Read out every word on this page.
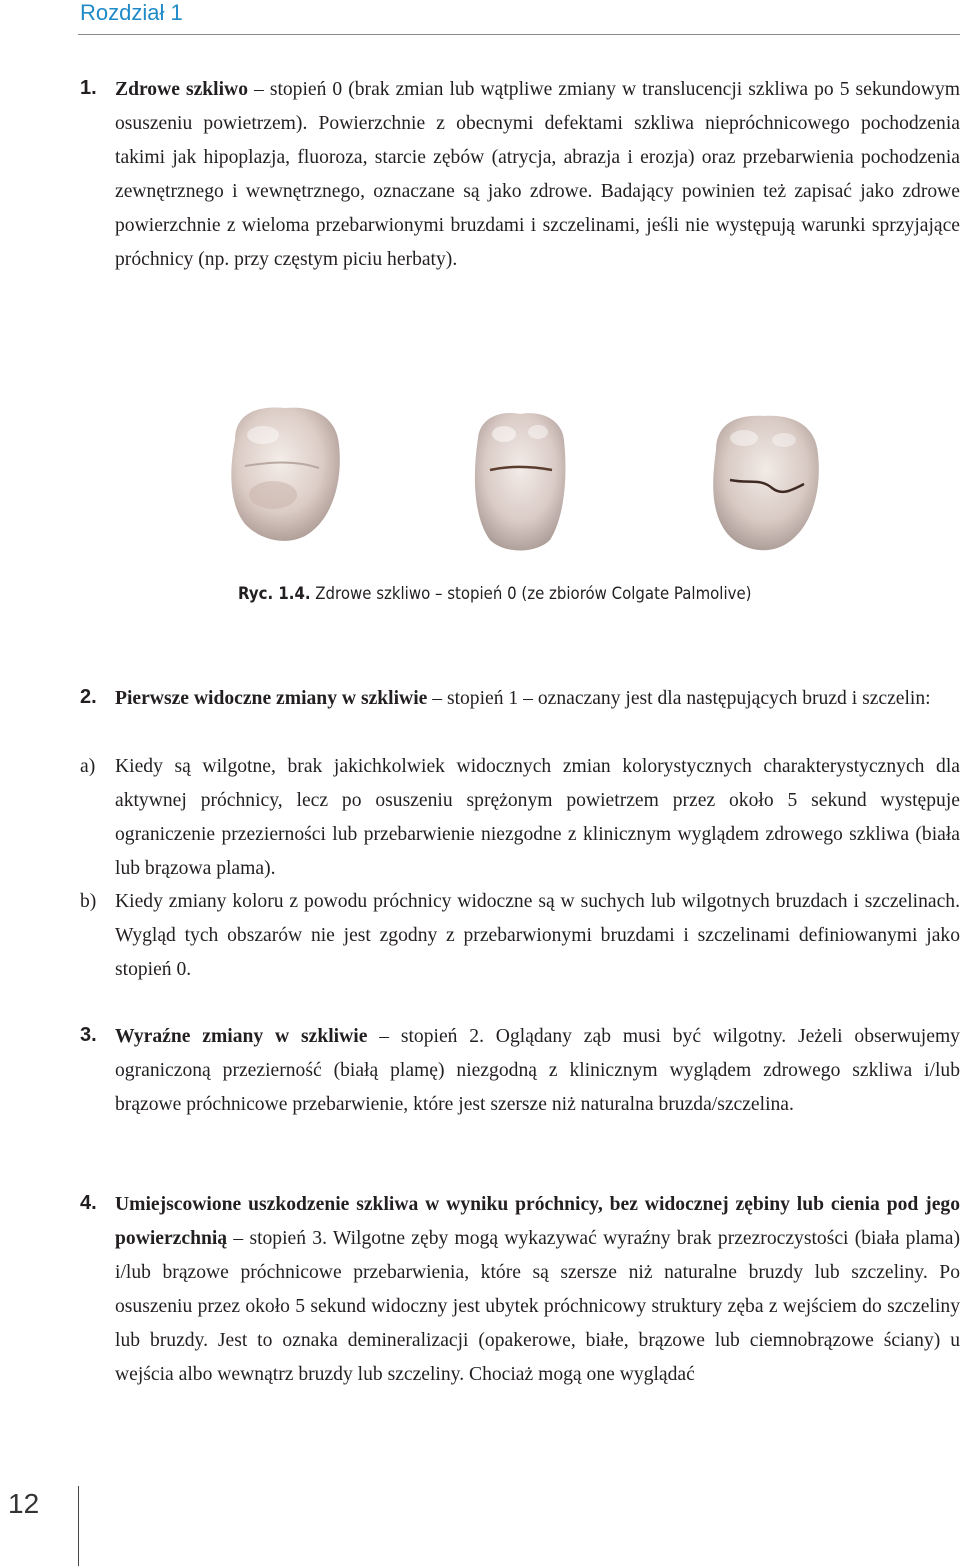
Rozdział 1
1. Zdrowe szkliwo – stopień 0 (brak zmian lub wątpliwe zmiany w translucencji szkliwa po 5 sekundowym osuszeniu powietrzem). Powierzchnie z obecnymi defektami szkliwa niepróchnicowego pochodzenia takimi jak hipoplazja, fluoroza, starcie zębów (atrycja, abrazja i erozja) oraz przebarwienia pochodzenia zewnętrznego i wewnętrznego, oznaczane są jako zdrowe. Badający powinien też zapisać jako zdrowe powierzchnie z wieloma przebarwionymi bruzdami i szczelinami, jeśli nie występują warunki sprzyjające próchnicy (np. przy częstym piciu herbaty).
Ryc. 1.4. Zdrowe szkliwo – stopień 0 (ze zbiorów Colgate Palmolive)
2. Pierwsze widoczne zmiany w szkliwie – stopień 1 – oznaczany jest dla następujących bruzd i szczelin:
a) Kiedy są wilgotne, brak jakichkolwiek widocznych zmian kolorystycznych charakterystycznych dla aktywnej próchnicy, lecz po osuszeniu sprężonym powietrzem przez około 5 sekund występuje ograniczenie przezierności lub przebarwienie niezgodne z klinicznym wyglądem zdrowego szkliwa (biała lub brązowa plama).
b) Kiedy zmiany koloru z powodu próchnicy widoczne są w suchych lub wilgotnych bruzdach i szczelinach. Wygląd tych obszarów nie jest zgodny z przebarwionymi bruzdami i szczelinami definiowanymi jako stopień 0.
3. Wyraźne zmiany w szkliwie – stopień 2. Oglądany ząb musi być wilgotny. Jeżeli obserwujemy ograniczoną przezierność (białą plamę) niezgodną z klinicznym wyglądem zdrowego szkliwa i/lub brązowe próchnicowe przebarwienie, które jest szersze niż naturalna bruzda/szczelina.
4. Umiejscowione uszkodzenie szkliwa w wyniku próchnicy, bez widocznej zębiny lub cienia pod jego powierzchnią – stopień 3. Wilgotne zęby mogą wykazywać wyraźny brak przezroczystości (biała plama) i/lub brązowe próchnicowe przebarwienia, które są szersze niż naturalne bruzdy lub szczeliny. Po osuszeniu przez około 5 sekund widoczny jest ubytek próchnicowy struktury zęba z wejściem do szczeliny lub bruzdy. Jest to oznaka demineralizacji (opakerowe, białe, brązowe lub ciemnobrązowe ściany) u wejścia albo wewnątrz bruzdy lub szczeliny. Chociaż mogą one wyglądać
12
